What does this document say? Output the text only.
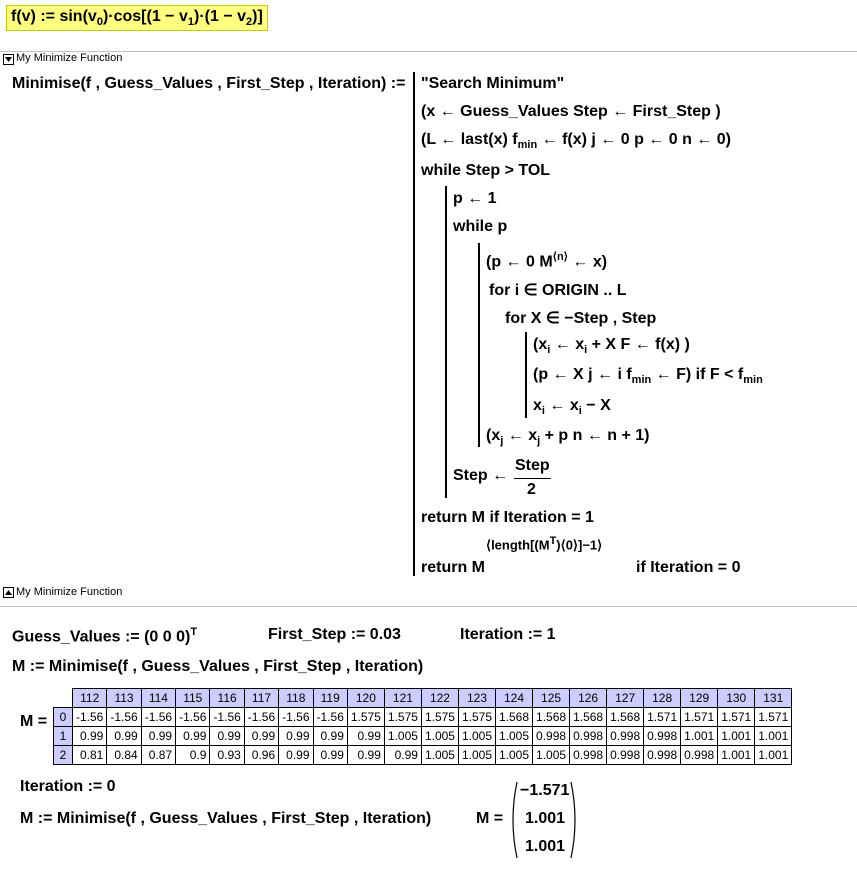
f(v) := $\sin(v_0)\cdot\cos[(1 - v_1)\cdot(1 - v_2)]$
My Minimize Function
Minimise(f , Guess_Values , First_Step , Iteration) := "Search Minimum"
(x ← Guess_Values Step ← First_Step )
(L ← last(x) $f_{min}$ ← f(x) j ← 0 p ← 0 n ← 0)
while Step > TOL
p ← 1
while p
(p ← 0 $M^{⟨n⟩}$ ← x)
for i ∈ ORIGIN .. L
for X ∈ −Step , Step
($x_i$ ← $x_i + X$ F ← f(x) )
(p ← X j ← i $f_{min}$ ← F) if $F < f_{min}$
$x_i$ ← $x_i - X$
($x_j$ ← $x_j + p$ n ← n + 1)
Step ←
Step
2
return M if Iteration = 1
return M
$⟨length[(M^T)⟨0⟩]-1⟩$
if Iteration = 0
My Minimize Function
Guess_Values := (0 0 0)$^T$	First_Step := 0.03	Iteration := 1
M := Minimise(f , Guess_Values , First_Step , Iteration)
M =
	112	113	114	115	116	117	118	119	120	121	122	123	124	125	126	127	128	129	130	131
0	-1.56	-1.56	-1.56	-1.56	-1.56	-1.56	-1.56	-1.56	1.575	1.575	1.575	1.575	1.568	1.568	1.568	1.568	1.571	1.571	1.571	1.571
1	0.99	0.99	0.99	0.99	0.99	0.99	0.99	0.99	0.99	1.005	1.005	1.005	1.005	0.998	0.998	0.998	0.998	1.001	1.001	1.001
2	0.81	0.84	0.87	0.9	0.93	0.96	0.99	0.99	0.99	0.99	1.005	1.005	1.005	1.005	0.998	0.998	0.998	0.998	1.001	1.001
Iteration := 0
M := Minimise(f , Guess_Values , First_Step , Iteration)	M =
−1.571
1.001
1.001
